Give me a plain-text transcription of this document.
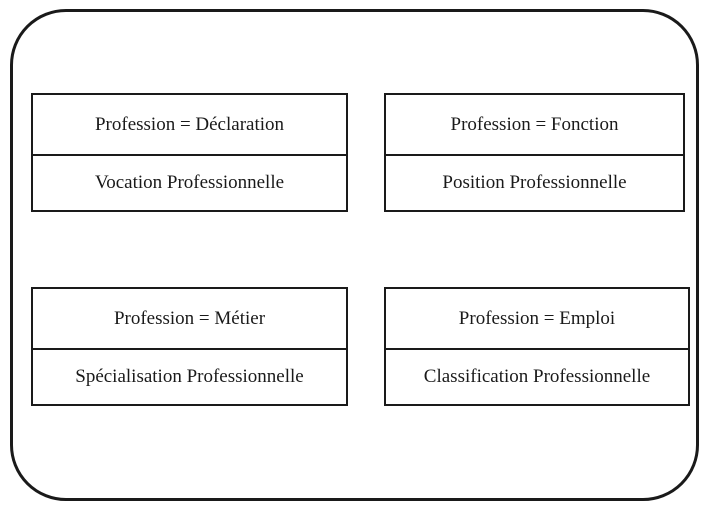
Profession = Déclaration
Vocation Professionnelle
Profession = Fonction
Position Professionnelle
Profession = Métier
Spécialisation Professionnelle
Profession = Emploi
Classification Professionnelle
